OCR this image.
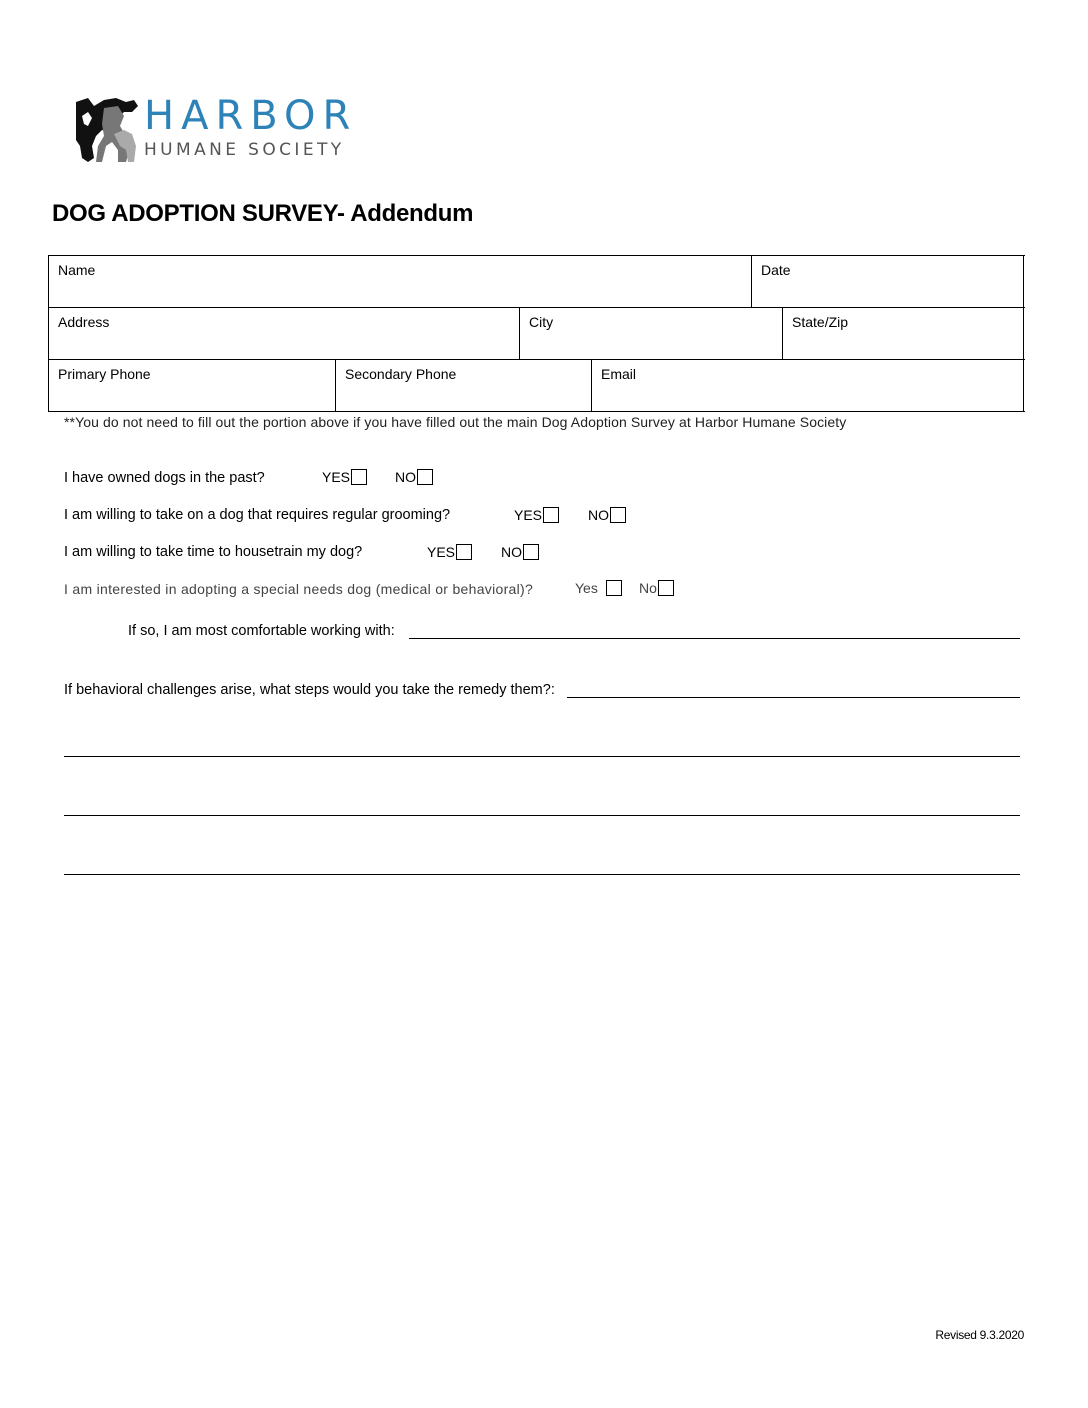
HARBOR
HUMANE SOCIETY
DOG ADOPTION SURVEY- Addendum
Name	Date
Address	City	State/Zip
Primary Phone	Secondary Phone	Email
**You do not need to fill out the portion above if you have filled out the main Dog Adoption Survey at Harbor Humane Society
I have owned dogs in the past?	YES	NO
I am willing to take on a dog that requires regular grooming?	YES	NO
I am willing to take time to housetrain my dog?	YES	NO
I am interested in adopting a special needs dog (medical or behavioral)?	Yes	No
If so, I am most comfortable working with:
If behavioral challenges arise, what steps would you take the remedy them?:
Revised 9.3.2020
